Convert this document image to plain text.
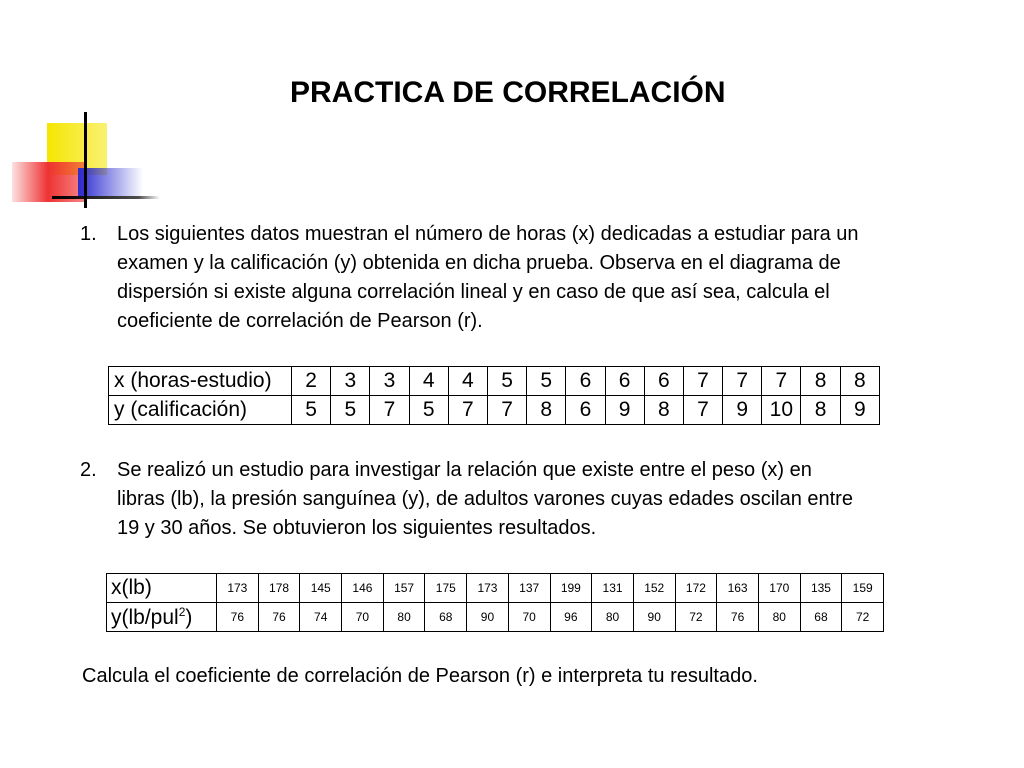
PRACTICA DE CORRELACIÓN
1. Los siguientes datos muestran el número de horas (x) dedicadas a estudiar para un
examen y la calificación (y) obtenida en dicha prueba. Observa en el diagrama de
dispersión si existe alguna correlación lineal y en caso de que así sea, calcula el
coeficiente de correlación de Pearson (r).
x (horas-estudio)	2	3	3	4	4	5	5	6	6	6	7	7	7	8	8
y (calificación)	5	5	7	5	7	7	8	6	9	8	7	9	10	8	9
2. Se realizó un estudio para investigar la relación que existe entre el peso (x) en
libras (lb), la presión sanguínea (y), de adultos varones cuyas edades oscilan entre
19 y 30 años. Se obtuvieron los siguientes resultados.
x(lb)	173	178	145	146	157	175	173	137	199	131	152	172	163	170	135	159
y(lb/pul$^2$)	76	76	74	70	80	68	90	70	96	80	90	72	76	80	68	72
Calcula el coeficiente de correlación de Pearson (r) e interpreta tu resultado.
